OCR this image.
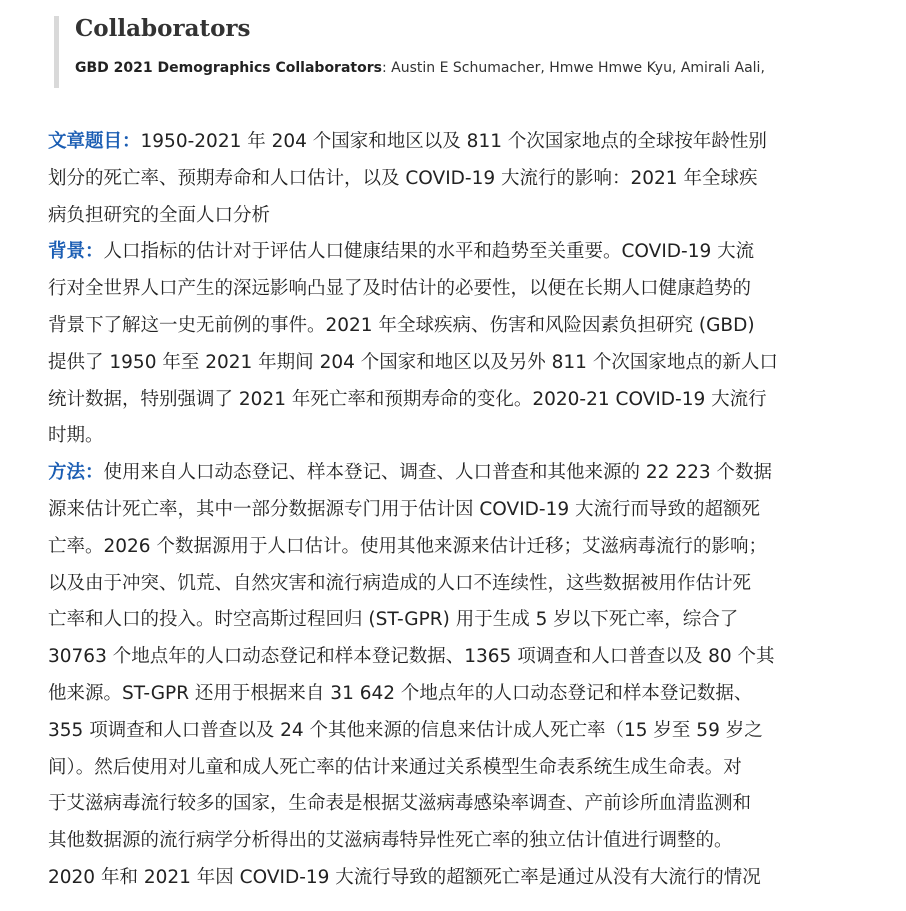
Collaborators
GBD 2021 Demographics Collaborators: Austin E Schumacher, Hmwe Hmwe Kyu, Amirali Aali,

文章题目：1950-2021 年 204 个国家和地区以及 811 个次国家地点的全球按年龄性别
划分的死亡率、预期寿命和人口估计，以及 COVID-19 大流行的影响：2021 年全球疾
病负担研究的全面人口分析

背景：人口指标的估计对于评估人口健康结果的水平和趋势至关重要。COVID-19 大流
行对全世界人口产生的深远影响凸显了及时估计的必要性，以便在长期人口健康趋势的
背景下了解这一史无前例的事件。2021 年全球疾病、伤害和风险因素负担研究 (GBD)
提供了 1950 年至 2021 年期间 204 个国家和地区以及另外 811 个次国家地点的新人口
统计数据，特别强调了 2021 年死亡率和预期寿命的变化。2020-21 COVID-19 大流行
时期。

方法：使用来自人口动态登记、样本登记、调查、人口普查和其他来源的 22 223 个数据
源来估计死亡率，其中一部分数据源专门用于估计因 COVID-19 大流行而导致的超额死
亡率。2026 个数据源用于人口估计。使用其他来源来估计迁移；艾滋病毒流行的影响；
以及由于冲突、饥荒、自然灾害和流行病造成的人口不连续性，这些数据被用作估计死
亡率和人口的投入。时空高斯过程回归 (ST-GPR) 用于生成 5 岁以下死亡率，综合了
30763 个地点年的人口动态登记和样本登记数据、1365 项调查和人口普查以及 80 个其
他来源。ST-GPR 还用于根据来自 31 642 个地点年的人口动态登记和样本登记数据、
355 项调查和人口普查以及 24 个其他来源的信息来估计成人死亡率（15 岁至 59 岁之
间）。然后使用对儿童和成人死亡率的估计来通过关系模型生命表系统生成生命表。对
于艾滋病毒流行较多的国家，生命表是根据艾滋病毒感染率调查、产前诊所血清监测和
其他数据源的流行病学分析得出的艾滋病毒特异性死亡率的独立估计值进行调整的。
2020 年和 2021 年因 COVID-19 大流行导致的超额死亡率是通过从没有大流行的情况
